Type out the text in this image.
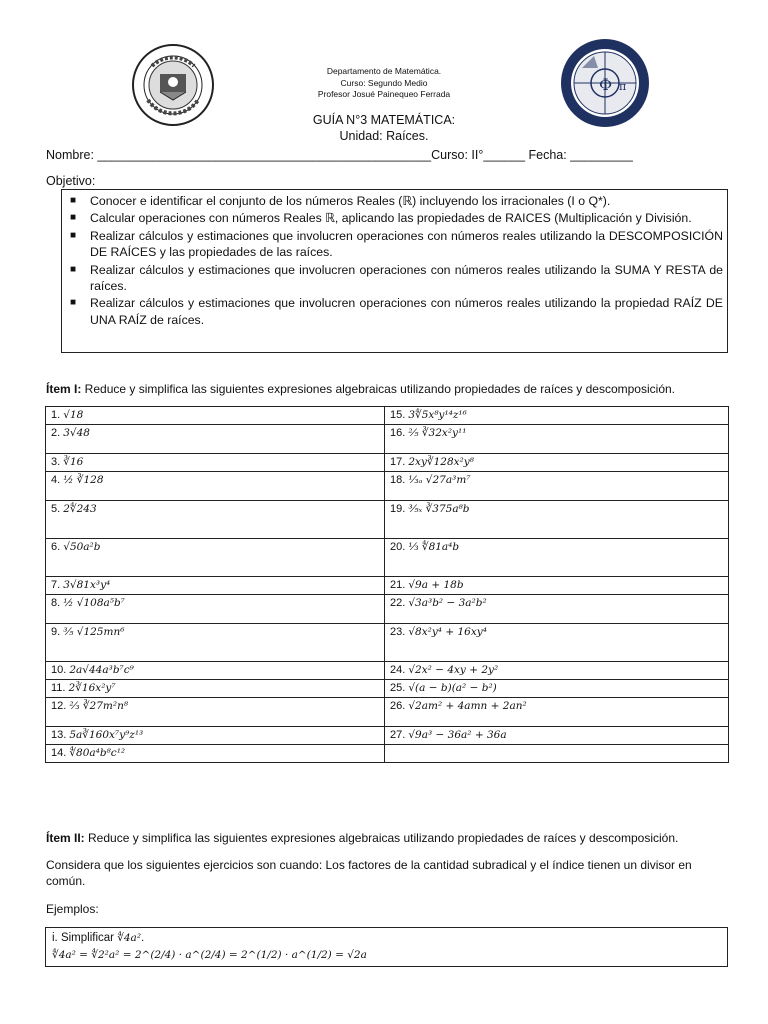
Φ π
Departamento de Matemática.
Curso: Segundo Medio
Profesor Josué Painequeo Ferrada
GUÍA N°3 MATEMÁTICA:
Unidad: Raíces.
Nombre: ________________________________________________Curso: II°______ Fecha: _________
Objetivo:
■ Conocer e identificar el conjunto de los números Reales (ℝ) incluyendo los irracionales (I o Q*).
■ Calcular operaciones con números Reales ℝ, aplicando las propiedades de RAICES (Multiplicación y División.
■ Realizar cálculos y estimaciones que involucren operaciones con números reales utilizando la DESCOMPOSICIÓN DE RAÍCES y las propiedades de las raíces.
■ Realizar cálculos y estimaciones que involucren operaciones con números reales utilizando la SUMA Y RESTA de raíces.
■ Realizar cálculos y estimaciones que involucren operaciones con números reales utilizando la propiedad RAÍZ DE UNA RAÍZ de raíces.
Ítem I: Reduce y simplifica las siguientes expresiones algebraicas utilizando propiedades de raíces y descomposición.
1. √18	15. 3∜5x⁸y¹⁴z¹⁶
2. 3√48	16. ²⁄₅ ∛32x²y¹¹
3. ∛16	17. 2xy∛128x²y⁸
4. ½ ∛128	18. ¹⁄₃ₐ √27a³m⁷
5. 2∜243	19. ³⁄₅ₓ ∛375a⁸b
6. √50a²b	20. ⅓ ∜81a⁴b
7. 3√81x³y⁴	21. √9a + 18b
8. ½ √108a⁵b⁷	22. √3a³b² − 3a²b²
9. ³⁄₅ √125mn⁶	23. √8x²y⁴ + 16xy⁴
10. 2a√44a³b⁷c⁹	24. √2x² − 4xy + 2y²
11. 2∛16x²y⁷	25. √(a − b)(a² − b²)
12. ²⁄₃ ∛27m²n⁸	26. √2am² + 4amn + 2an²
13. 5a∛160x⁷y⁹z¹³	27. √9a³ − 36a² + 36a
14. ∜80a⁴b⁸c¹²	
Ítem II: Reduce y simplifica las siguientes expresiones algebraicas utilizando propiedades de raíces y descomposición.
Considera que los siguientes ejercicios son cuando: Los factores de la cantidad subradical y el índice tienen un divisor en común.
Ejemplos:
i. Simplificar ∜4a².
∜4a² = ∜2²a² = 2^(2/4) · a^(2/4) = 2^(1/2) · a^(1/2) = √2a
